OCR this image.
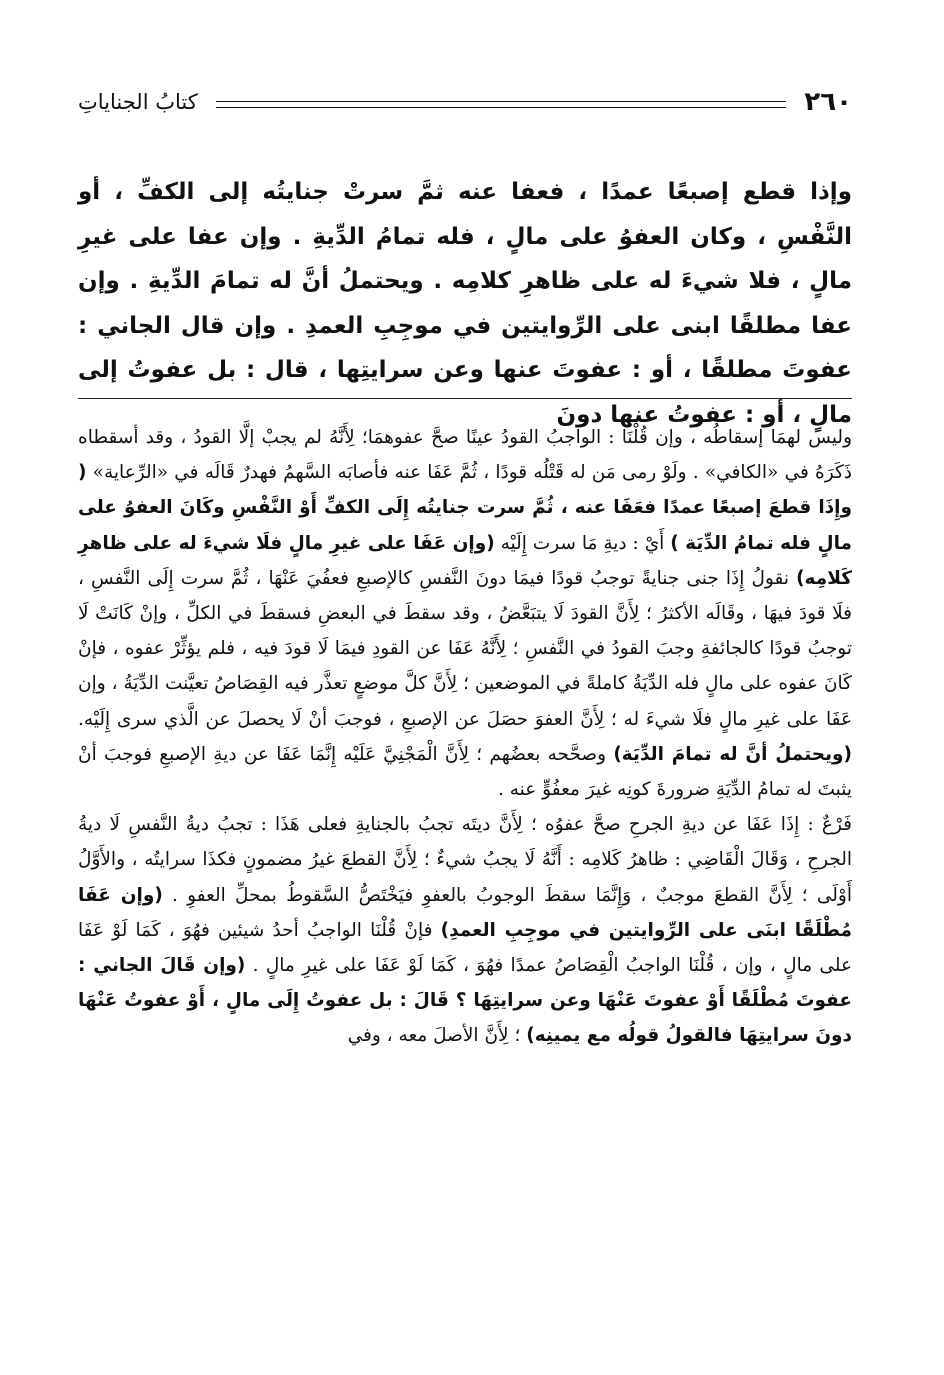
٢٦٠
كتابُ الجناياتِ
وإذا قطع إصبعًا عمدًا ، فعفا عنه ثمَّ سرتْ جنايتُه إلى الكفِّ ، أو النَّفْسِ ، وكان العفوُ على مالٍ ، فله تمامُ الدِّيةِ . وإن عفا على غيرِ مالٍ ، فلا شيءَ له على ظاهرِ كلامِه . ويحتملُ أنَّ له تمامَ الدِّيةِ . وإن عفا مطلقًا ابنى على الرِّوايتين في موجِبِ العمدِ . وإن قال الجاني : عفوتَ مطلقًا ، أو : عفوتَ عنها وعن سرايتِها ، قال : بل عفوتُ إلى مالٍ ، أو : عفوتُ عنها دونَ

وليس لهمَا إسقاطُه ، وإن قُلْنَا : الواجبُ القودُ عينًا صحَّ عفوهمَا؛ لِأَنَّهُ لم يجبْ إلَّا القودُ ، وقد أسقطاه ذَكَرَهُ في «الكافي» . ولَوْ رمى مَن له قَتْلُه قودًا ، ثُمَّ عَفَا عنه فأصابَه السَّهمُ فهدرٌ قَالَه في «الرِّعاية» ( وإِذَا قطعَ إصبعًا عمدًا فعَفَا عنه ، ثُمَّ سرت جنايتُه إِلَى الكفِّ أَوْ النَّفْسِ وكَانَ العفوُ على مالٍ فله تمامُ الدِّيَة ) أَيْ : ديةِ مَا سرت إِلَيْه (وإن عَفَا على غيرِ مالٍ فلَا شيءَ له على ظاهرِ كَلامِه) نقولُ إِذَا جنى جنايةً توجبُ قودًا فيمَا دونَ النَّفسِ كالإصبعِ فعفُيَ عَنْهَا ، ثُمَّ سرت إِلَى النَّفسِ ، فلَا قودَ فيهَا ، وقَالَه الأكثرُ ؛ لِأَنَّ القودَ لَا يتبَعَّضُ ، وقد سقطَ في البعضِ فسقطَ في الكلِّ ، وإنْ كَانَتْ لَا توجبُ قودًا كالجائفةِ وجبَ القودُ في النَّفسِ ؛ لِأَنَّهُ عَفَا عن القودِ فيمَا لَا قودَ فيه ، فلم يؤثِّرْ عفوه ، فإنْ كَانَ عفوه على مالٍ فله الدِّيَةُ كاملةً في الموضعين ؛ لِأَنَّ كلَّ موضعٍ تعذَّر فيه القِصَاصُ تعيَّنت الدِّيَةُ ، وإن عَفَا على غيرِ مالٍ فلَا شيءَ له ؛ لِأَنَّ العفوَ حصَلَ عن الإصبعِ ، فوجبَ أنْ لَا يحصلَ عن الَّذي سرى إِلَيْه. (ويحتملُ أنَّ له تمامَ الدِّيَة) وصحَّحه بعضُهم ؛ لِأَنَّ الْمَجْنِيَّ عَلَيْه إِنَّمَا عَفَا عن ديةِ الإصبعِ فوجبَ أنْ يثبتَ له تمامُ الدِّيَةِ ضرورةَ كونِه غيرَ معفُوٍّ عنه .

فَرْعٌ : إِذَا عَفَا عن ديةِ الجرحِ صحَّ عفوُه ؛ لِأَنَّ ديتَه تجبُ بالجنايةِ فعلى هَذَا : تجبُ ديةُ النَّفسِ لَا ديةُ الجرحِ ، وَقَالَ الْقَاضِي : ظاهرُ كَلامِه : أَنَّهُ لَا يجبُ شيءٌ ؛ لِأَنَّ القطعَ غيرُ مضمونٍ فكذَا سرايتُه ، والأَوَّلُ أَوْلَى ؛ لِأَنَّ القطعَ موجبٌ ، وَإِنَّمَا سقطَ الوجوبُ بالعفوِ فيَخْتَصُّ السَّقوطُ بمحلِّ العفوِ . (وإن عَفَا مُطْلَقًا ابنَى على الرِّوايتين في موجِبِ العمدِ) فإنْ قُلْنَا الواجبُ أحدُ شيئين فهُوَ ، كَمَا لَوْ عَفَا على مالٍ ، وإن ، قُلْنَا الواجبُ الْقِصَاصُ عمدًا فهُوَ ، كَمَا لَوْ عَفَا على غيرِ مالٍ . (وإن قَالَ الجاني : عفوتَ مُطْلَقًا أَوْ عفوتَ عَنْهَا وعن سرايتِهَا ؟ قَالَ : بل عفوتُ إِلَى مالٍ ، أَوْ عفوتُ عَنْهَا دونَ سرايتِهَا فالقولُ قولُه مع يمينِه) ؛ لِأَنَّ الأصلَ معه ، وفي
